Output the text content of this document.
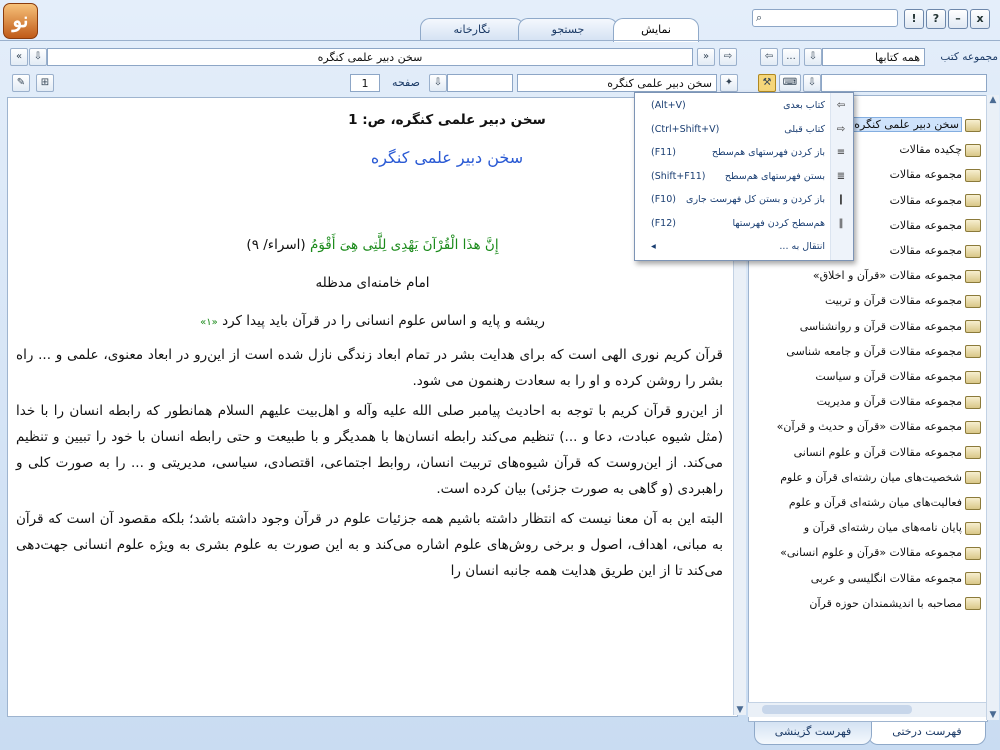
نو	نگارخانه	جستجو	نمایش
⌕	!	?	–	x
«	⇩	سخن دبیر علمی کنگره	»	⇨
✎	⊞	1	صفحه	⇩	سخن دبیر علمی کنگره	✦
⇦	...	⇩	همه کتابها	مجموعه کتب
⚒	⌨	⇩
سخن دبیر علمی کنگره، ص: 1
سخن دبیر علمی کنگره
إِنَّ هذَا الْقُرْآنَ یَهْدِی لِلَّتِی هِیَ أَقْوَمُ (اسراء/ ۹)
امام خامنه‌ای مدظله
ریشه و پایه و اساس علوم انسانی را در قرآن باید پیدا کرد «۱»

قرآن کریم نوری الهی است که برای هدایت بشر در تمام ابعاد زندگی نازل شده است از این‌رو در ابعاد معنوی، علمی و ... راه بشر را روشن کرده و او را به سعادت رهنمون می شود.

از این‌رو قرآن کریم با توجه به احادیث پیامبر صلی الله علیه وآله و اهل‌بیت علیهم السلام همانطور که رابطه انسان را با خدا (مثل شیوه عبادت، دعا و ...) تنظیم می‌کند رابطه انسان‌ها با همدیگر و با طبیعت و حتی رابطه انسان با خود را تبیین و تنظیم می‌کند. از این‌روست که قرآن شیوه‌های تربیت انسان، روابط اجتماعی، اقتصادی، سیاسی، مدیریتی و ... را به صورت کلی و راهبردی (و گاهی به صورت جزئی) بیان کرده است.

البته این به آن معنا نیست که انتظار داشته باشیم همه جزئیات علوم در قرآن وجود داشته باشد؛ بلکه مقصود آن است که قرآن به مبانی، اهداف، اصول و برخی روش‌های علوم اشاره می‌کند و به این صورت به علوم بشری به ویژه علوم انسانی جهت‌دهی می‌کند تا از این طریق هدایت همه جانبه انسان را

▼
سخن دبیر علمی کنگره
چکیده مقالات
مجموعه مقالات
مجموعه مقالات
مجموعه مقالات
مجموعه مقالات
مجموعه مقالات «قرآن و اخلاق»
مجموعه مقالات قرآن و تربیت
مجموعه مقالات قرآن و روانشناسی
مجموعه مقالات قرآن و جامعه شناسی
مجموعه مقالات قرآن و سیاست
مجموعه مقالات قرآن و مدیریت
مجموعه مقالات «قرآن و حدیث و قرآن»
مجموعه مقالات قرآن و علوم انسانی
شخصیت‌های میان رشته‌ای قرآن و علوم
فعالیت‌های میان رشته‌ای قرآن و علوم
پایان نامه‌های میان رشته‌ای قرآن و
مجموعه مقالات «قرآن و علوم انسانی»
مجموعه مقالات انگلیسی و عربی
مصاحبه با اندیشمندان حوزه قرآن
▲
▼
فهرست درختی
فهرست گزینشی
⇦
کتاب بعدی
(Alt+V)
⇨
کتاب قبلی
(Ctrl+Shift+V)
≡
باز کردن فهرستهای هم‌سطح
(F11)
≣
بستن فهرستهای هم‌سطح
(Shift+F11)
❙
باز کردن و بستن کل فهرست جاری
(F10)
‖
هم‌سطح کردن فهرستها
(F12)
انتقال به ...
◂
